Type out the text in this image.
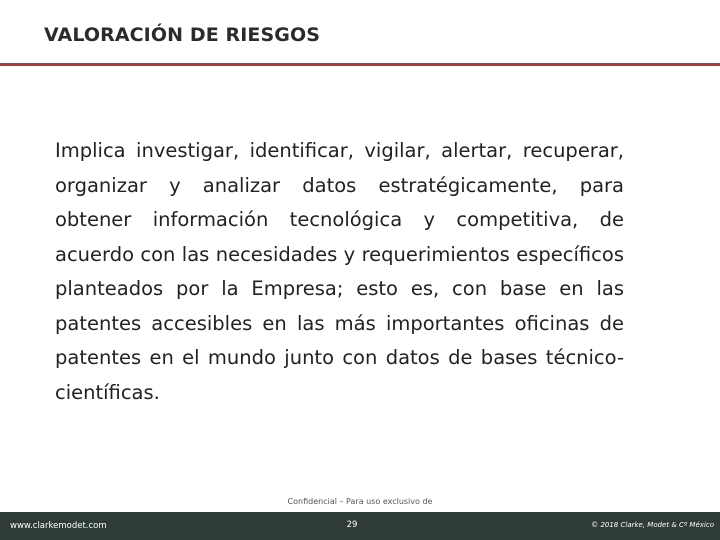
VALORACIÓN DE RIESGOS

Implica investigar, identificar, vigilar, alertar, recuperar, organizar y analizar datos estratégicamente, para obtener información tecnológica y competitiva, de acuerdo con las necesidades y requerimientos específicos planteados por la Empresa; esto es, con base en las patentes accesibles en las más importantes oficinas de patentes en el mundo junto con datos de bases técnico-científicas.

Confidencial – Para uso exclusivo de
www.clarkemodet.com	29	© 2018 Clarke, Modet & Cº México
